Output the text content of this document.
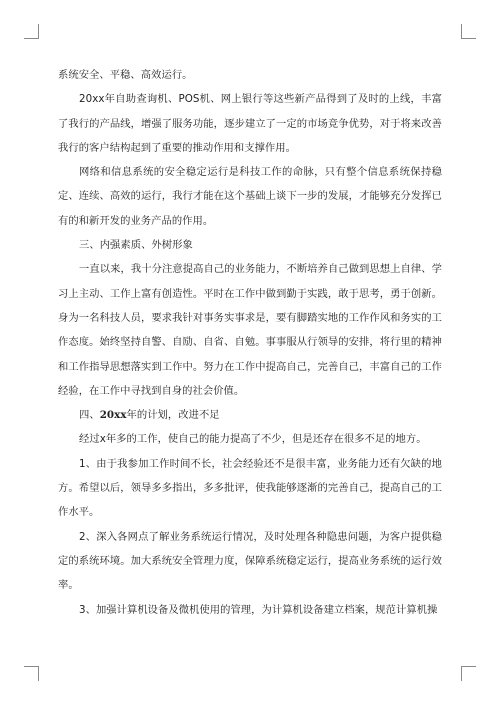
系统安全、平稳、高效运行。

20xx年自助查询机、POS机、网上银行等这些新产品得到了及时的上线，丰富了我行的产品线，增强了服务功能，逐步建立了一定的市场竞争优势，对于将来改善我行的客户结构起到了重要的推动作用和支撑作用。

网络和信息系统的安全稳定运行是科技工作的命脉，只有整个信息系统保持稳定、连续、高效的运行，我行才能在这个基础上谈下一步的发展，才能够充分发挥已有的和新开发的业务产品的作用。

三、内强素质、外树形象

一直以来，我十分注意提高自己的业务能力，不断培养自己做到思想上自律、学习上主动、工作上富有创造性。平时在工作中做到勤于实践，敢于思考，勇于创新。身为一名科技人员，要求我针对事务实事求是，要有脚踏实地的工作作风和务实的工作态度。始终坚持自警、自励、自省、自勉。事事服从行领导的安排，将行里的精神和工作指导思想落实到工作中。努力在工作中提高自己，完善自己，丰富自己的工作经验，在工作中寻找到自身的社会价值。

四、20xx年的计划，改进不足

经过x年多的工作，使自己的能力提高了不少，但是还存在很多不足的地方。

1、由于我参加工作时间不长，社会经验还不是很丰富，业务能力还有欠缺的地方。希望以后，领导多多指出，多多批评，使我能够逐渐的完善自己，提高自己的工作水平。

2、深入各网点了解业务系统运行情况，及时处理各种隐患问题，为客户提供稳定的系统环境。加大系统安全管理力度，保障系统稳定运行，提高业务系统的运行效率。

3、加强计算机设备及微机使用的管理，为计算机设备建立档案，规范计算机操
